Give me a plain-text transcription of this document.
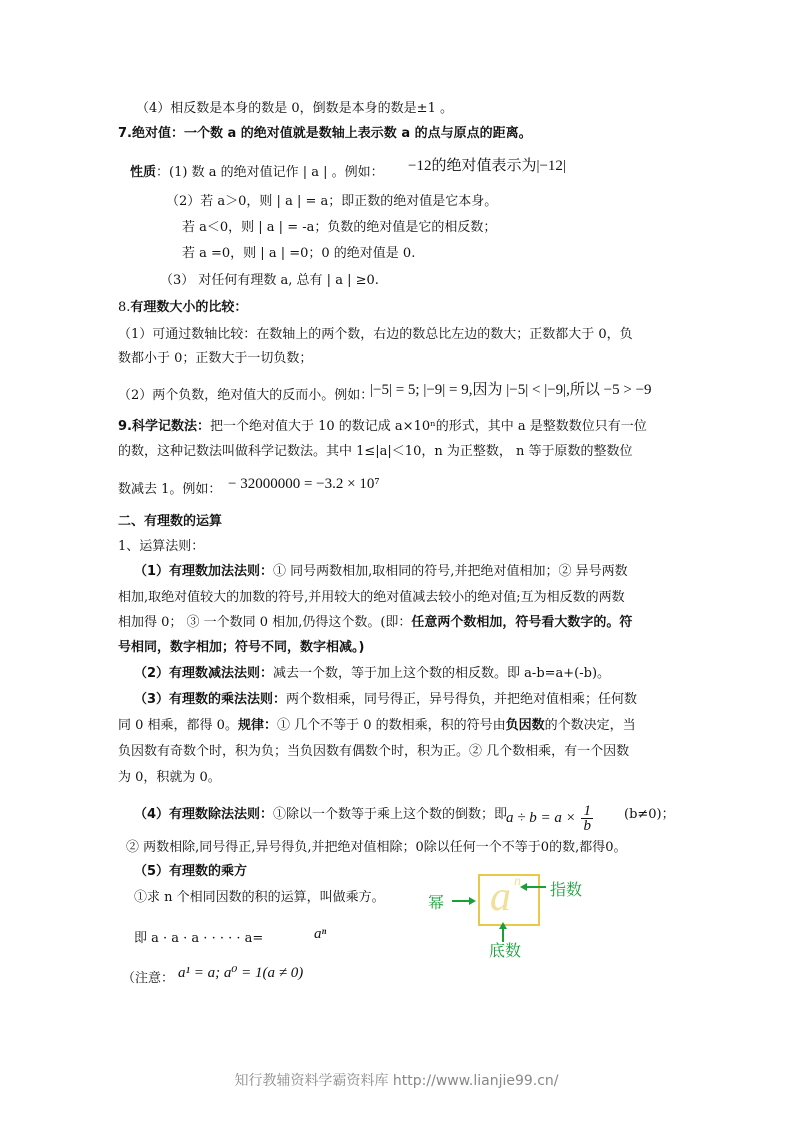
（4）相反数是本身的数是 0，倒数是本身的数是±1 。
7.绝对值：一个数 a 的绝对值就是数轴上表示数 a 的点与原点的距离。
性质：(1) 数 a 的绝对值记作 | a | 。例如： −12的绝对值表示为|−12|
（2）若 a＞0，则 | a | = a；即正数的绝对值是它本身。
若 a＜0，则 | a | = -a；负数的绝对值是它的相反数；
若 a =0，则 | a | =0；0 的绝对值是 0.
（3） 对任何有理数 a, 总有 | a | ≥0.
8.有理数大小的比较：
（1）可通过数轴比较：在数轴上的两个数，右边的数总比左边的数大；正数都大于 0，负
数都小于 0；正数大于一切负数；
（2）两个负数，绝对值大的反而小。例如：
|−5| = 5; |−9| = 9,因为 |−5| < |−9|,所以 −5 > −9
9.科学记数法：把一个绝对值大于 10 的数记成 a×10ⁿ的形式，其中 a 是整数数位只有一位
的数，这种记数法叫做科学记数法。其中 1≤|a|＜10，n 为正整数， n 等于原数的整数位
数减去 1。例如： − 32000000 = −3.2 × 10⁷
二、有理数的运算
1、运算法则：
（1）有理数加法法则：① 同号两数相加,取相同的符号,并把绝对值相加；② 异号两数
相加,取绝对值较大的加数的符号,并用较大的绝对值减去较小的绝对值;互为相反数的两数
相加得 0； ③ 一个数同 0 相加,仍得这个数。(即：任意两个数相加，符号看大数字的。符
号相同，数字相加；符号不同，数字相减。)
（2）有理数减法法则：减去一个数，等于加上这个数的相反数。即 a-b=a+(-b)。
（3）有理数的乘法法则：两个数相乘，同号得正，异号得负，并把绝对值相乘；任何数
同 0 相乘，都得 0。规律：① 几个不等于 0 的数相乘，积的符号由负因数的个数决定，当
负因数有奇数个时，积为负；当负因数有偶数个时，积为正。② 几个数相乘，有一个因数
为 0，积就为 0。
（4）有理数除法法则：①除以一个数等于乘上这个数的倒数；即
$a \div b = a \times \frac{1}{b} (b\ne 0)$；
② 两数相除,同号得正,异号得负,并把绝对值相除；0除以任何一个不等于0的数,都得0。
（5）有理数的乘方
①求 n 个相同因数的积的运算，叫做乘方。
即 a · a · a · · · · · a=	aⁿ
（注意： a¹ = a; a⁰ = 1(a ≠ 0)
a n
幂
指数
底数
知行教辅资料学霸资料库 http://www.lianjie99.cn/
